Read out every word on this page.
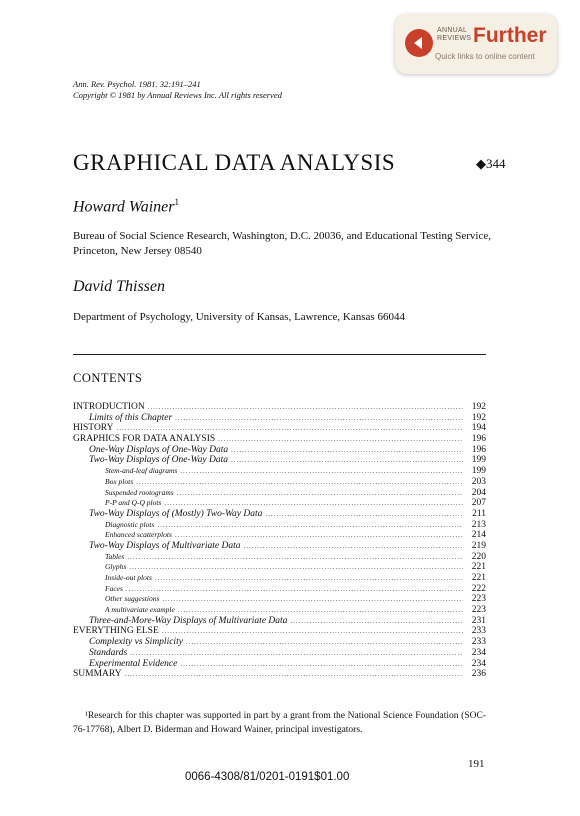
ANNUAL
REVIEWS Further
Quick links to online content
Ann. Rev. Psychol. 1981. 32:191–241
Copyright © 1981 by Annual Reviews Inc. All rights reserved
GRAPHICAL DATA ANALYSIS	◆344
Howard Wainer$^1$
Bureau of Social Science Research, Washington, D.C. 20036, and Educational Testing Service, Princeton, New Jersey 08540
David Thissen
Department of Psychology, University of Kansas, Lawrence, Kansas 66044
CONTENTS
INTRODUCTION .....	192
Limits of this Chapter .....	192
HISTORY .....	194
GRAPHICS FOR DATA ANALYSIS .....	196
One-Way Displays of One-Way Data .....	196
Two-Way Displays of One-Way Data .....	199
Stem-and-leaf diagrams .....	199
Box plots .....	203
Suspended rootograms .....	204
P-P and Q-Q plots .....	207
Two-Way Displays of (Mostly) Two-Way Data .....	211
Diagnostic plots .....	213
Enhanced scatterplots .....	214
Two-Way Displays of Multivariate Data .....	219
Tables .....	220
Glyphs .....	221
Inside-out plots .....	221
Faces .....	222
Other suggestions .....	223
A multivariate example .....	223
Three-and-More-Way Displays of Multivariate Data .....	231
EVERYTHING ELSE .....	233
Complexity vs Simplicity .....	233
Standards .....	234
Experimental Evidence .....	234
SUMMARY .....	236
¹Research for this chapter was supported in part by a grant from the National Science Foundation (SOC-76-17768), Albert D. Biderman and Howard Wainer, principal investigators.
191
0066-4308/81/0201-0191$01.00
